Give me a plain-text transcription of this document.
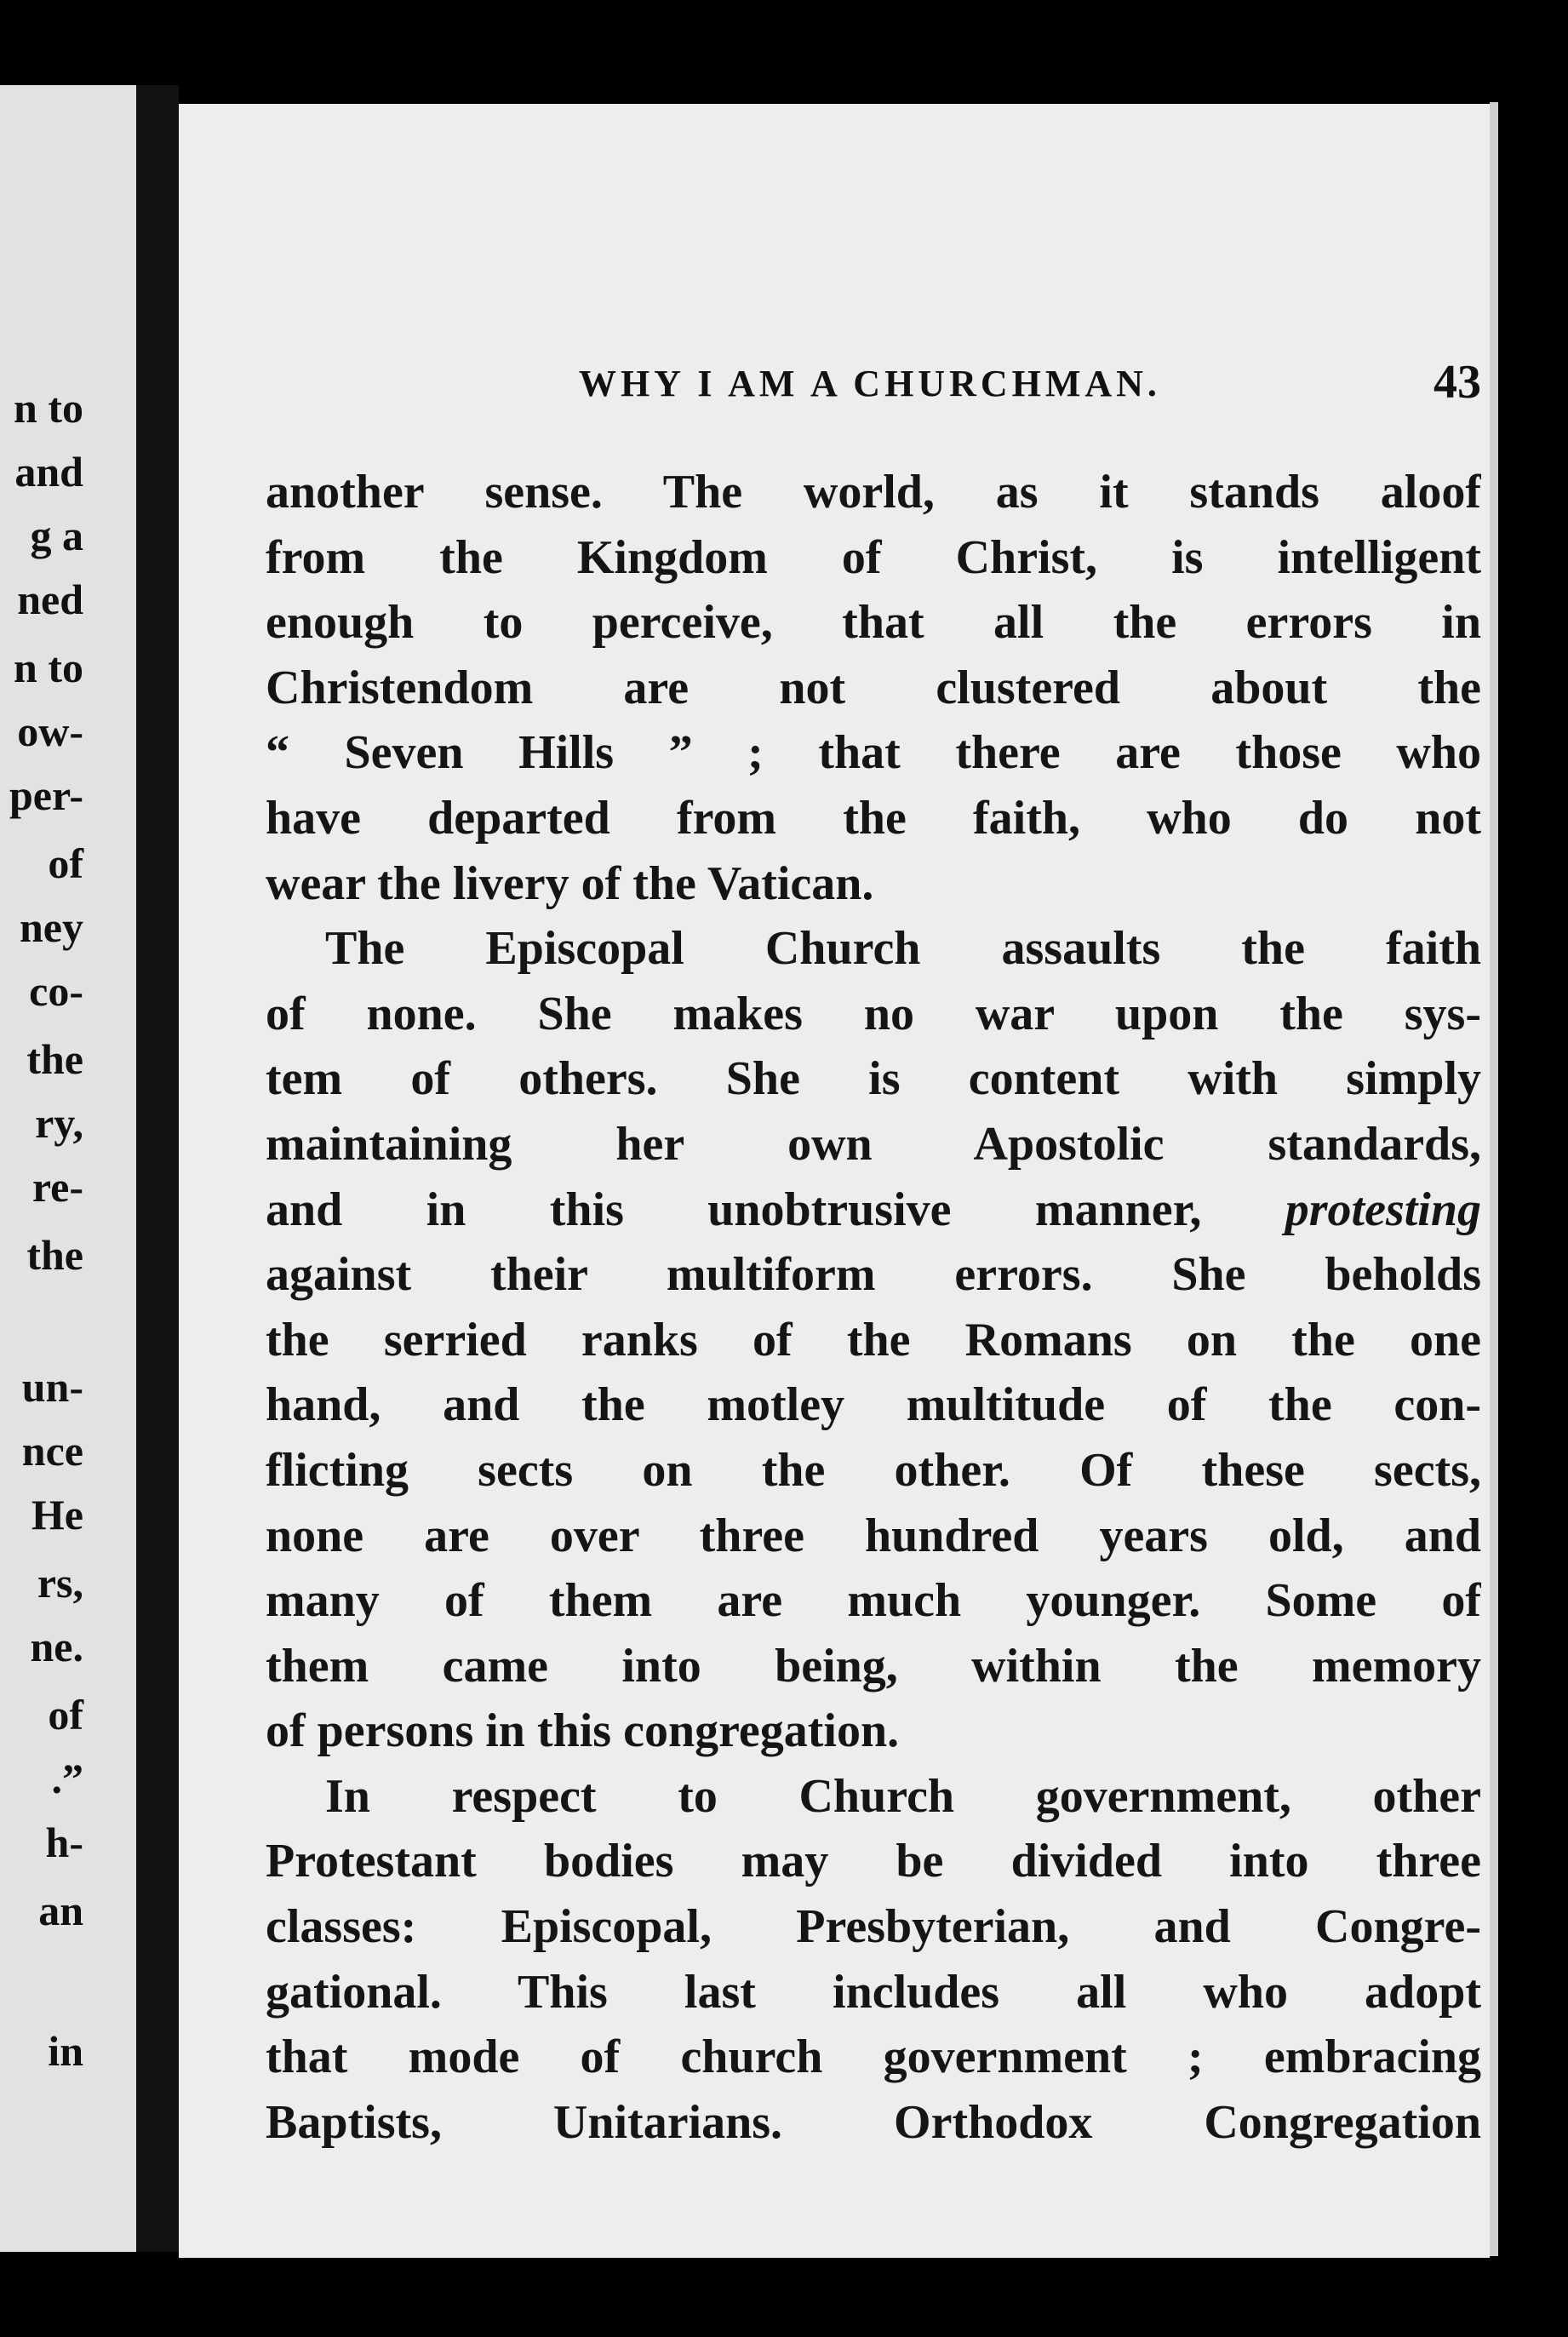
n to
and
g a
ned
n to
ow-
per-
of
ney
co-
the
ry,
re-
the
un-
nce
He
rs,
ne.
of
.”
h-
an
in
WHY I AM A CHURCHMAN.	43
another sense. The world, as it stands aloof
from the Kingdom of Christ, is intelligent
enough to perceive, that all the errors in
Christendom are not clustered about the
“ Seven Hills ” ; that there are those who
have departed from the faith, who do not
wear the livery of the Vatican.
The Episcopal Church assaults the faith
of none. She makes no war upon the sys-
tem of others. She is content with simply
maintaining her own Apostolic standards,
and in this unobtrusive manner, protesting
against their multiform errors. She beholds
the serried ranks of the Romans on the one
hand, and the motley multitude of the con-
flicting sects on the other. Of these sects,
none are over three hundred years old, and
many of them are much younger. Some of
them came into being, within the memory
of persons in this congregation.
In respect to Church government, other
Protestant bodies may be divided into three
classes: Episcopal, Presbyterian, and Congre-
gational. This last includes all who adopt
that mode of church government ; embracing
Baptists, Unitarians. Orthodox Congregation
